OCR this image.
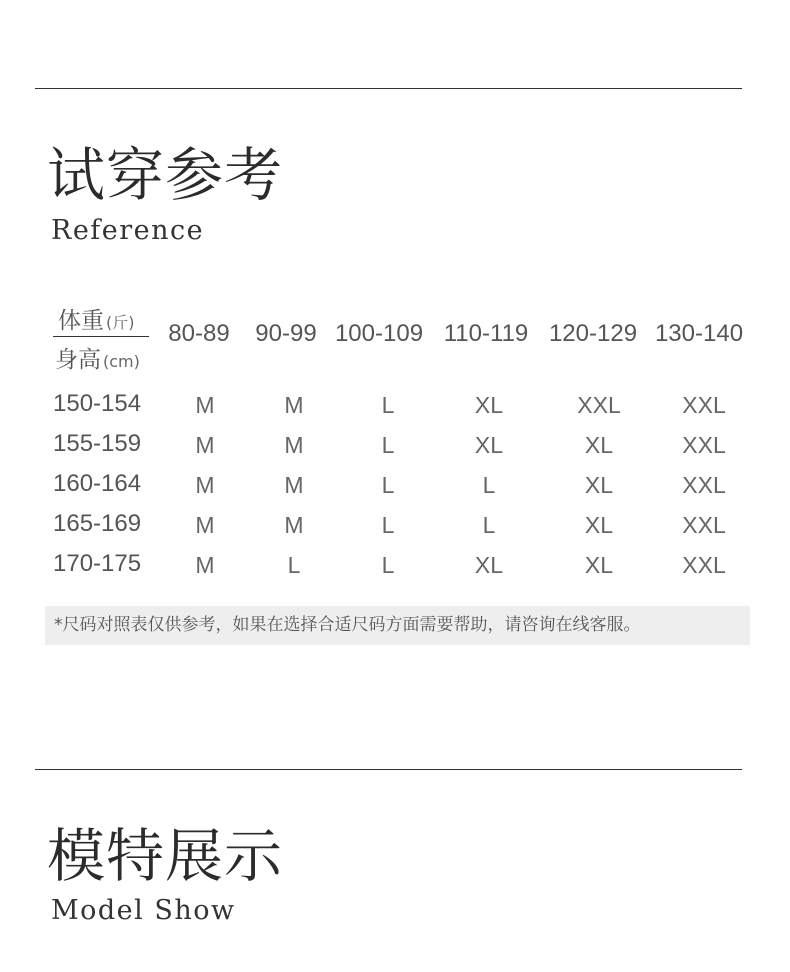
试穿参考
Reference
体重 (斤)
身高 (cm)
80-89 90-99 100-109 110-119 120-129 130-140
150-154 M	M	L	XL	XXL	XXL
155-159 M	M	L	XL	XL	XXL
160-164 M	M	L	L	XL	XXL
165-169 M	M	L	L	XL	XXL
170-175 M	L	L	XL	XL	XXL
*尺码对照表仅供参考，如果在选择合适尺码方面需要帮助，请咨询在线客服。
模特展示
Model Show
